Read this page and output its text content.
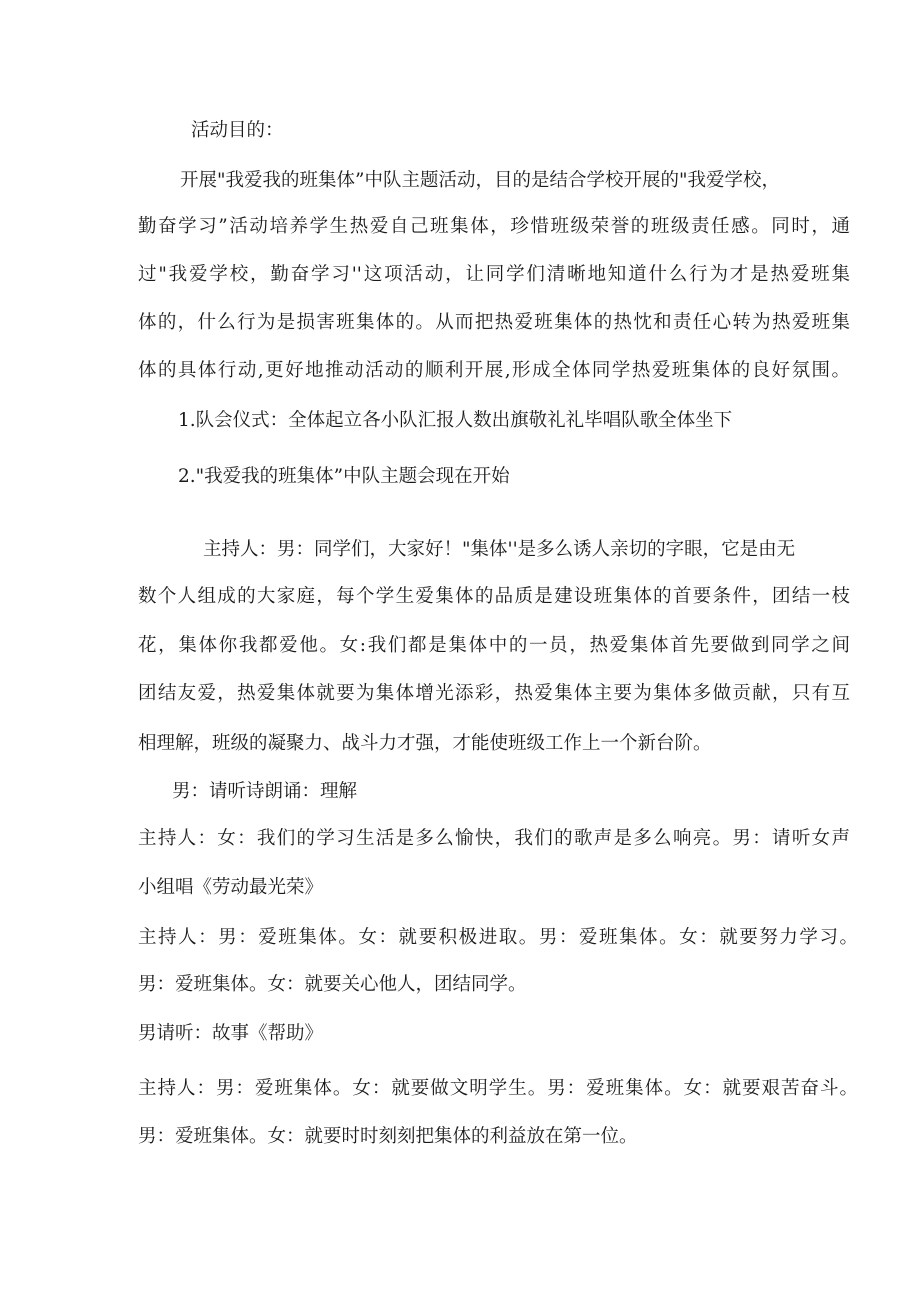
活动目的：

开展"我爱我的班集体”中队主题活动，目的是结合学校开展的"我爱学校，

勤奋学习”活动培养学生热爱自己班集体，珍惜班级荣誉的班级责任感。同时，通

过"我爱学校，勤奋学习''这项活动，让同学们清晰地知道什么行为才是热爱班集

体的，什么行为是损害班集体的。从而把热爱班集体的热忱和责任心转为热爱班集

体的具体行动,更好地推动活动的顺利开展,形成全体同学热爱班集体的良好氛围。

1.队会仪式：全体起立各小队汇报人数出旗敬礼礼毕唱队歌全体坐下

2."我爱我的班集体”中队主题会现在开始

主持人：男：同学们，大家好！"集体''是多么诱人亲切的字眼，它是由无

数个人组成的大家庭，每个学生爱集体的品质是建设班集体的首要条件，团结一枝

花，集体你我都爱他。女:我们都是集体中的一员，热爱集体首先要做到同学之间

团结友爱，热爱集体就要为集体增光添彩，热爱集体主要为集体多做贡献，只有互

相理解，班级的凝聚力、战斗力才强，才能使班级工作上一个新台阶。

男：请听诗朗诵：理解

主持人：女：我们的学习生活是多么愉快，我们的歌声是多么响亮。男：请听女声

小组唱《劳动最光荣》

主持人：男：爱班集体。女：就要积极进取。男：爱班集体。女：就要努力学习。

男：爱班集体。女：就要关心他人，团结同学。

男请听：故事《帮助》

主持人：男：爱班集体。女：就要做文明学生。男：爱班集体。女：就要艰苦奋斗。

男：爱班集体。女：就要时时刻刻把集体的利益放在第一位。
